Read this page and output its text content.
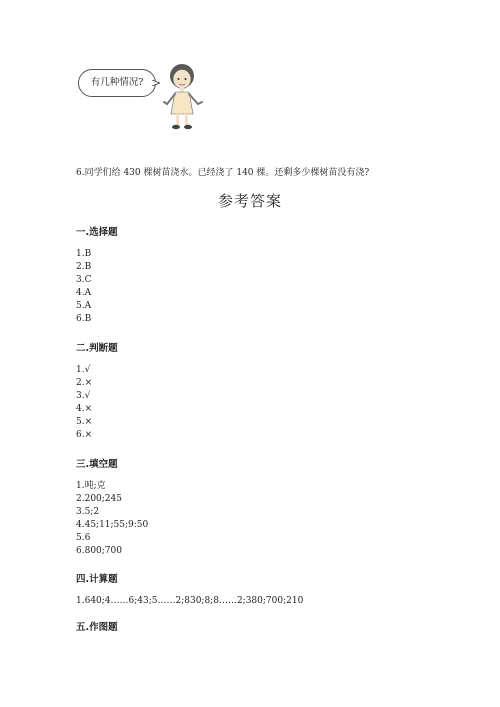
有几种情况?
6.同学们给 430 棵树苗浇水。已经浇了 140 棵。还剩多少棵树苗没有浇?
参考答案
一.选择题
1.B
2.B
3.C
4.A
5.A
6.B
二.判断题
1.√
2.×
3.√
4.×
5.×
6.×
三.填空题
1.吨;克
2.200;245
3.5;2
4.45;11;55;9:50
5.6
6.800;700
四.计算题
1.640;4……6;43;5……2;830;8;8……2;380;700;210
五.作图题
